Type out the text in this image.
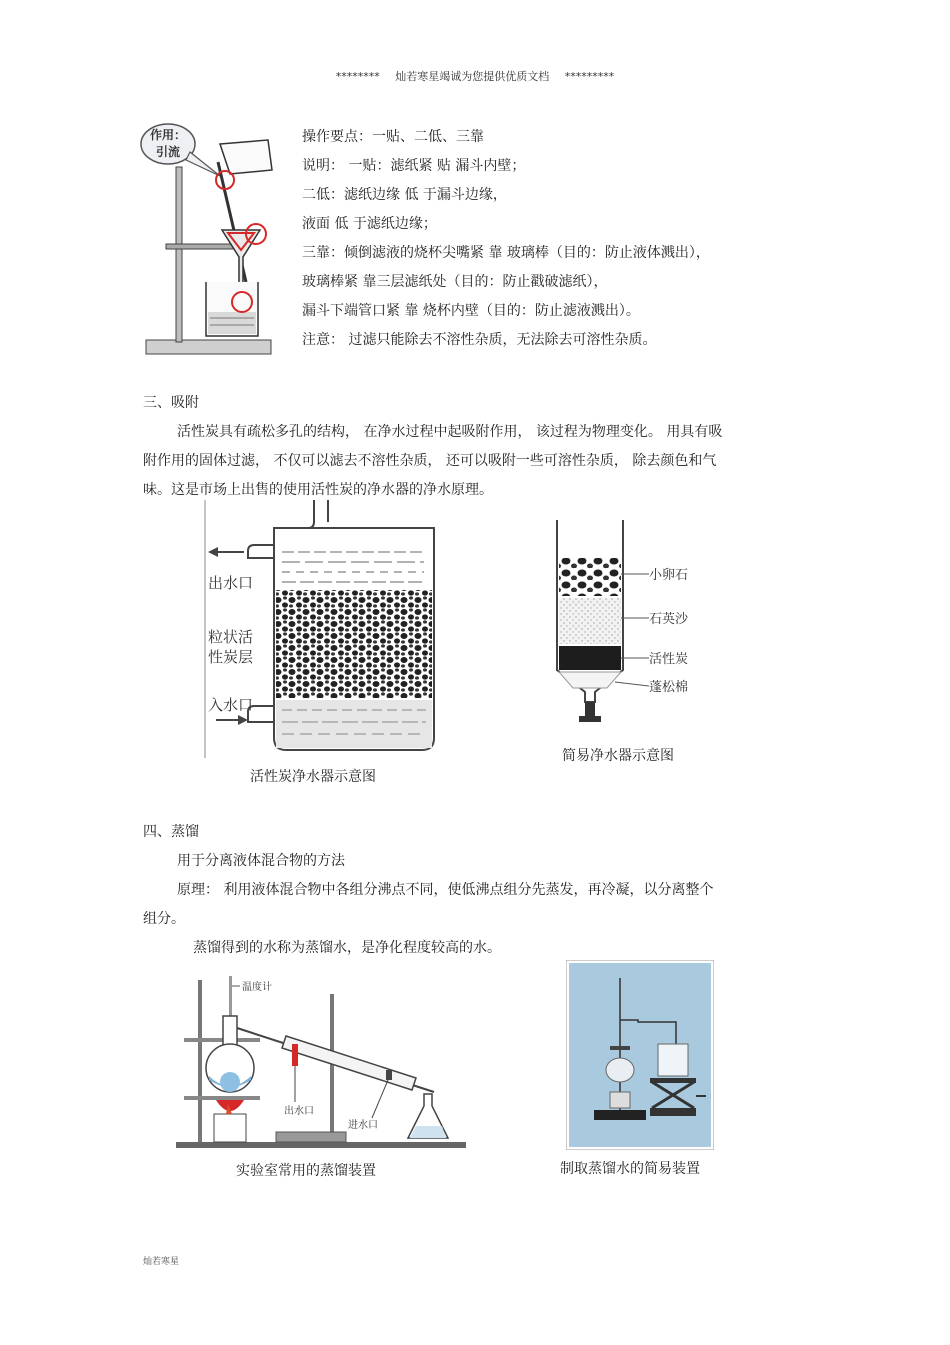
******** 灿若寒星竭诚为您提供优质文档 *********
作用：
引流
操作要点：一贴、二低、三靠
说明： 一贴：滤纸紧 贴 漏斗内壁；
二低：滤纸边缘 低 于漏斗边缘，
液面 低 于滤纸边缘；
三靠：倾倒滤液的烧杯尖嘴紧 靠 玻璃棒（目的：防止液体溅出），
玻璃棒紧 靠三层滤纸处（目的：防止戳破滤纸），
漏斗下端管口紧 靠 烧杯内壁（目的：防止滤液溅出）。
注意： 过滤只能除去不溶性杂质，无法除去可溶性杂质。
三、吸附
活性炭具有疏松多孔的结构， 在净水过程中起吸附作用， 该过程为物理变化。 用具有吸
附作用的固体过滤， 不仅可以滤去不溶性杂质， 还可以吸附一些可溶性杂质， 除去颜色和气
味。这是市场上出售的使用活性炭的净水器的净水原理。
出水口
粒状活
性炭层
入水口
活性炭净水器示意图
小卵石
石英沙
活性炭
蓬松棉
简易净水器示意图
四、蒸馏
用于分离液体混合物的方法
原理： 利用液体混合物中各组分沸点不同，使低沸点组分先蒸发，再冷凝，以分离整个
组分。
蒸馏得到的水称为蒸馏水，是净化程度较高的水。
温度计
出水口
进水口
实验室常用的蒸馏装置	制取蒸馏水的简易装置
灿若寒星
